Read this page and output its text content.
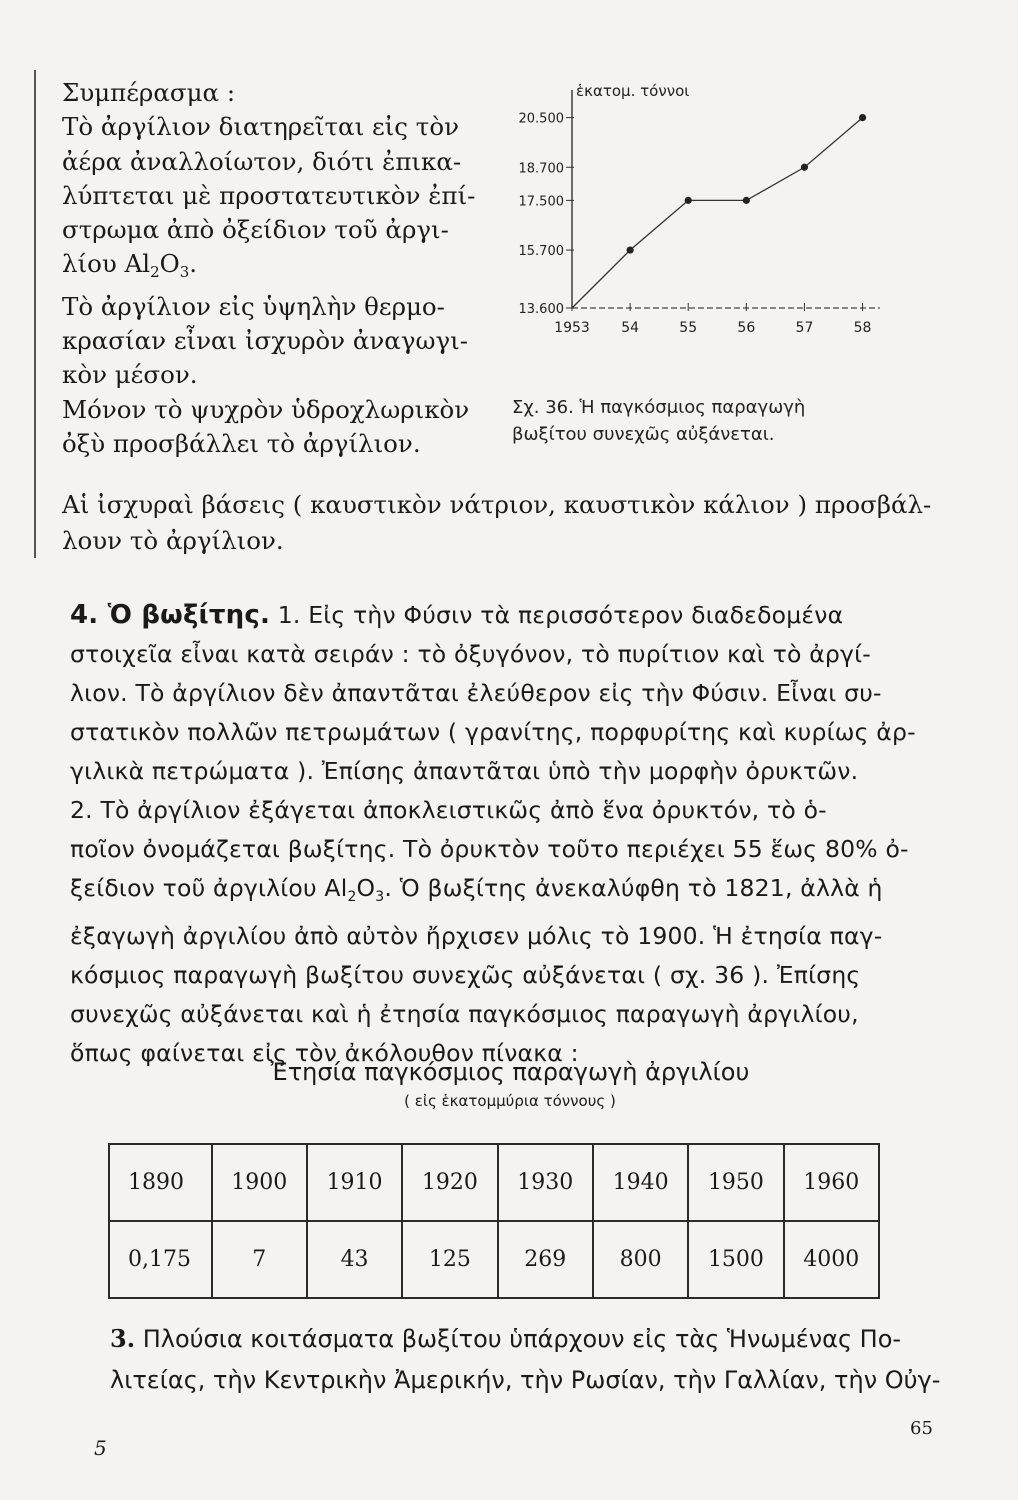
Συμπέρασμα :
Τὸ ἀργίλιον διατηρεῖται εἰς τὸν
ἀέρα ἀναλλοίωτον, διότι ἐπικα-
λύπτεται μὲ προστατευτικὸν ἐπί-
στρωμα ἀπὸ ὀξείδιον τοῦ ἀργι-
λίου $Al_2O_3$.
Τὸ ἀργίλιον εἰς ὑψηλὴν θερμο-
κρασίαν εἶναι ἰσχυρὸν ἀναγωγι-
κὸν μέσον.
Μόνον τὸ ψυχρὸν ὑδροχλωρικὸν
ὀξὺ προσβάλλει τὸ ἀργίλιον.
Αἱ ἰσχυραὶ βάσεις ( καυστικὸν νάτριον, καυστικὸν κάλιον ) προσβάλ-
λουν τὸ ἀργίλιον.
ἑκατομ. τόννοι
20.500
18.700
17.500
15.700
13.600
1953 54	55	56	57	58
Σχ. 36. Ἡ παγκόσμιος παραγωγὴ
βωξίτου συνεχῶς αὐξάνεται.
4. Ὁ βωξίτης. 1. Εἰς τὴν Φύσιν τὰ περισσότερον διαδεδομένα
στοιχεῖα εἶναι κατὰ σειράν : τὸ ὀξυγόνον, τὸ πυρίτιον καὶ τὸ ἀργί-
λιον. Τὸ ἀργίλιον δὲν ἀπαντᾶται ἐλεύθερον εἰς τὴν Φύσιν. Εἶναι συ-
στατικὸν πολλῶν πετρωμάτων ( γρανίτης, πορφυρίτης καὶ κυρίως ἀρ-
γιλικὰ πετρώματα ). Ἐπίσης ἀπαντᾶται ὑπὸ τὴν μορφὴν ὀρυκτῶν.
2. Τὸ ἀργίλιον ἐξάγεται ἀποκλειστικῶς ἀπὸ ἕνα ὀρυκτόν, τὸ ὁ-
ποῖον ὀνομάζεται βωξίτης. Τὸ ὀρυκτὸν τοῦτο περιέχει 55 ἕως 80% ὀ-
ξείδιον τοῦ ἀργιλίου $Al_2O_3$. Ὁ βωξίτης ἀνεκαλύφθη τὸ 1821, ἀλλὰ ἡ
ἐξαγωγὴ ἀργιλίου ἀπὸ αὐτὸν ἤρχισεν μόλις τὸ 1900. Ἡ ἐτησία παγ-
κόσμιος παραγωγὴ βωξίτου συνεχῶς αὐξάνεται ( σχ. 36 ). Ἐπίσης
συνεχῶς αὐξάνεται καὶ ἡ ἐτησία παγκόσμιος παραγωγὴ ἀργιλίου,
ὅπως φαίνεται εἰς τὸν ἀκόλουθον πίνακα :
Ἐτησία παγκόσμιος παραγωγὴ ἀργιλίου
( εἰς ἑκατομμύρια τόννους )
1890	1900	1910	1920	1930	1940	1950	1960
0,175	7	43	125	269	800	1500	4000
3. Πλούσια κοιτάσματα βωξίτου ὑπάρχουν εἰς τὰς Ἡνωμένας Πο-
λιτείας, τὴν Κεντρικὴν Ἀμερικήν, τὴν Ρωσίαν, τὴν Γαλλίαν, τὴν Οὐγ-
5
65
